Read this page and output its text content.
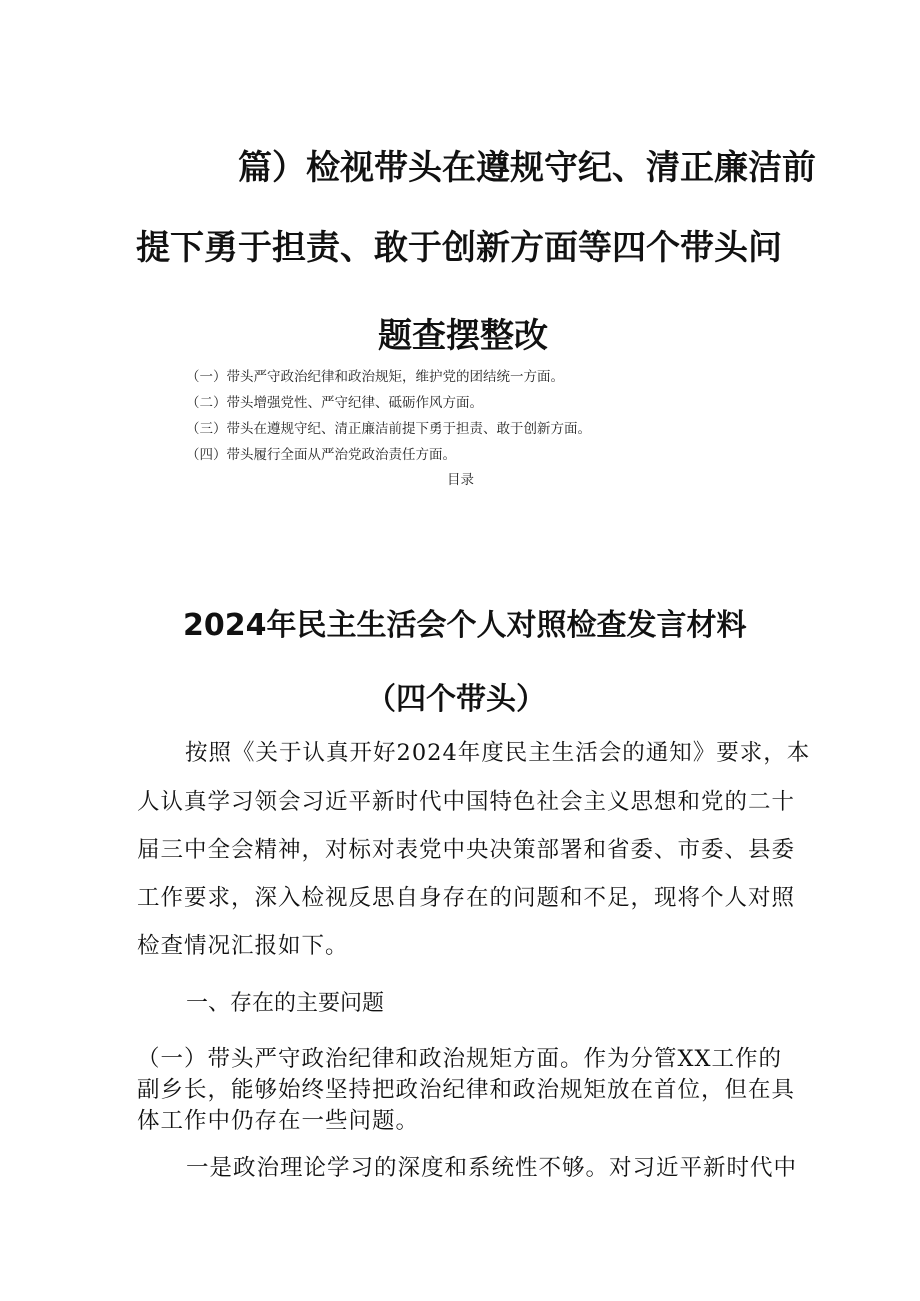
篇）检视带头在遵规守纪、清正廉洁前
提下勇于担责、敢于创新方面等四个带头问
题查摆整改
（一）带头严守政治纪律和政治规矩，维护党的团结统一方面。
（二）带头增强党性、严守纪律、砥砺作风方面。
（三）带头在遵规守纪、清正廉洁前提下勇于担责、敢于创新方面。
（四）带头履行全面从严治党政治责任方面。
目录
2024年民主生活会个人对照检查发言材料
（四个带头）
按照《关于认真开好2024年度民主生活会的通知》要求，本
人认真学习领会习近平新时代中国特色社会主义思想和党的二十
届三中全会精神，对标对表党中央决策部署和省委、市委、县委
工作要求，深入检视反思自身存在的问题和不足，现将个人对照
检查情况汇报如下。
一、存在的主要问题
（一）带头严守政治纪律和政治规矩方面。作为分管XX工作的
副乡长，能够始终坚持把政治纪律和政治规矩放在首位，但在具
体工作中仍存在一些问题。
一是政治理论学习的深度和系统性不够。对习近平新时代中
